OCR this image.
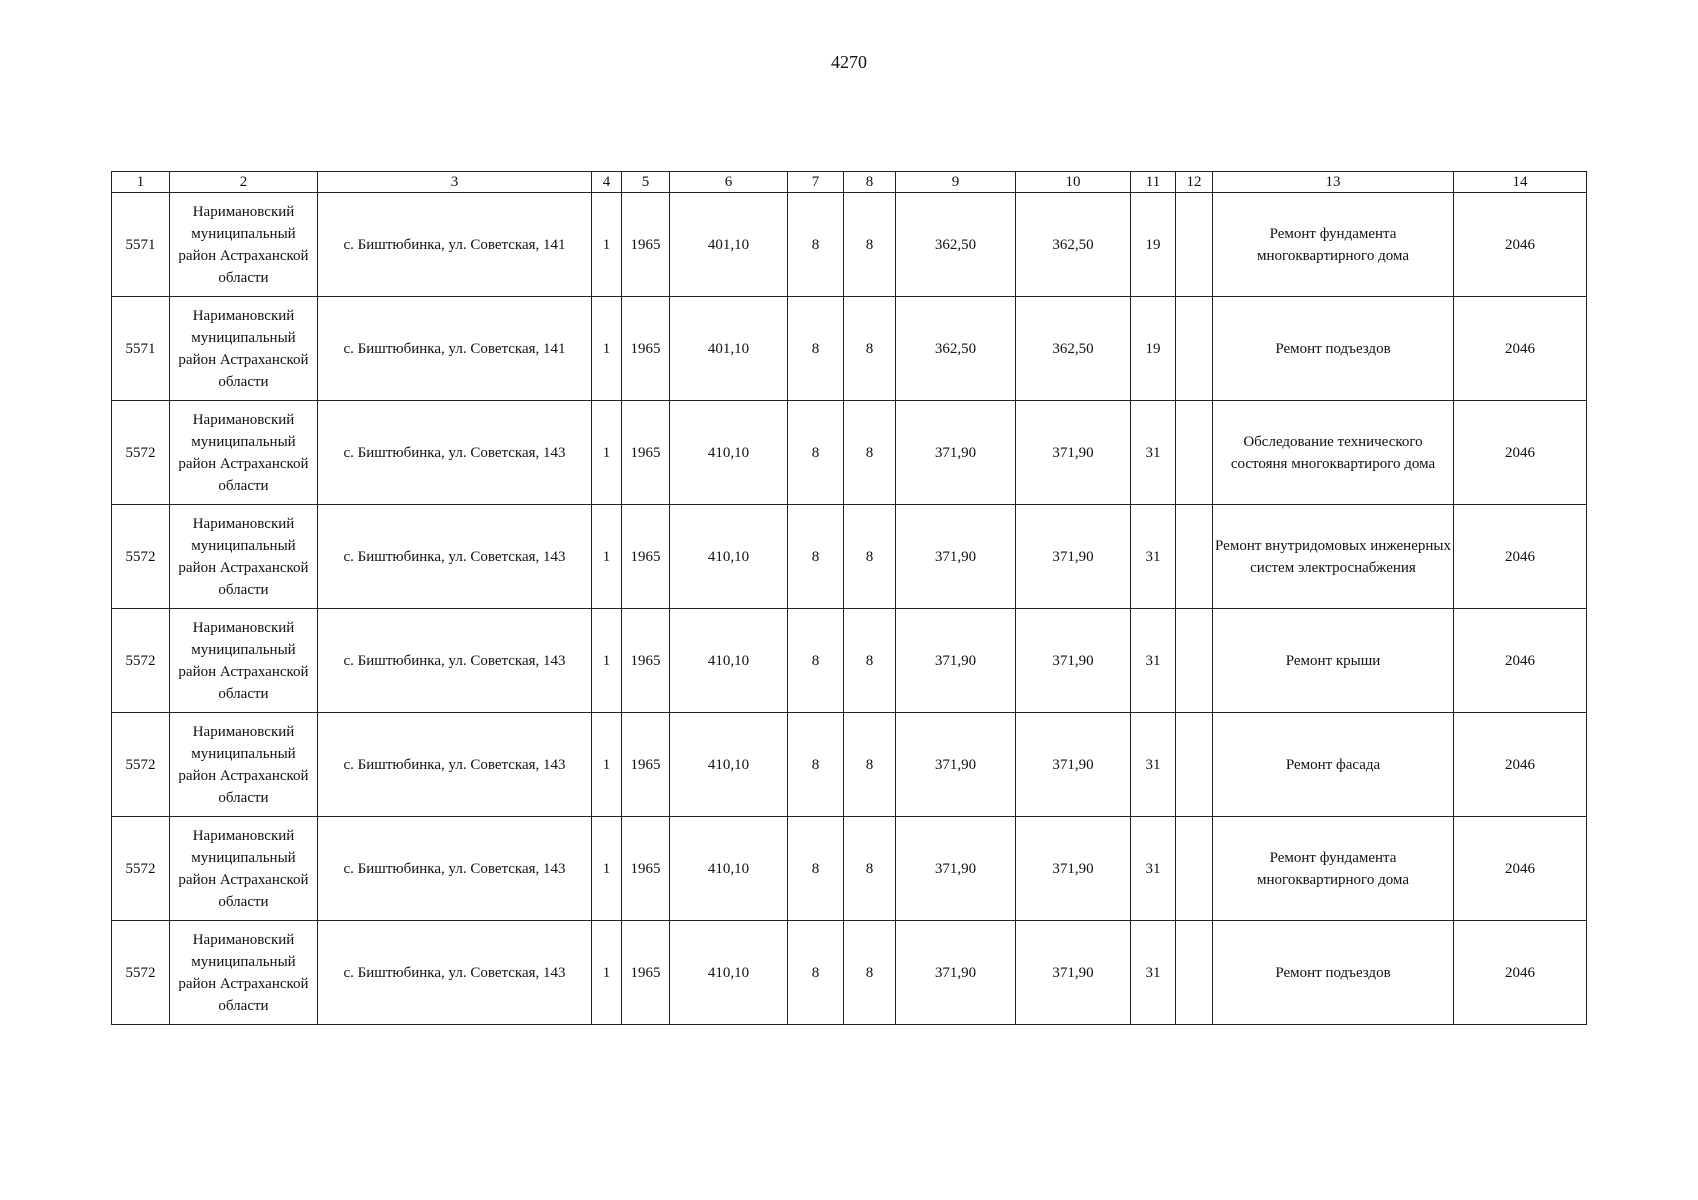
4270
1	2	3	4	5	6	7	8	9	10	11	12	13	14
5571	Наримановский муниципальный район Астраханской области	с. Биштюбинка, ул. Советская, 141	1	1965	401,10	8	8	362,50	362,50	19		Ремонт фундамента многоквартирного дома	2046
5571	Наримановский муниципальный район Астраханской области	с. Биштюбинка, ул. Советская, 141	1	1965	401,10	8	8	362,50	362,50	19		Ремонт подъездов	2046
5572	Наримановский муниципальный район Астраханской области	с. Биштюбинка, ул. Советская, 143	1	1965	410,10	8	8	371,90	371,90	31		Обследование технического состояня многоквартирого дома	2046
5572	Наримановский муниципальный район Астраханской области	с. Биштюбинка, ул. Советская, 143	1	1965	410,10	8	8	371,90	371,90	31		Ремонт внутридомовых инженерных систем электроснабжения	2046
5572	Наримановский муниципальный район Астраханской области	с. Биштюбинка, ул. Советская, 143	1	1965	410,10	8	8	371,90	371,90	31		Ремонт крыши	2046
5572	Наримановский муниципальный район Астраханской области	с. Биштюбинка, ул. Советская, 143	1	1965	410,10	8	8	371,90	371,90	31		Ремонт фасада	2046
5572	Наримановский муниципальный район Астраханской области	с. Биштюбинка, ул. Советская, 143	1	1965	410,10	8	8	371,90	371,90	31		Ремонт фундамента многоквартирного дома	2046
5572	Наримановский муниципальный район Астраханской области	с. Биштюбинка, ул. Советская, 143	1	1965	410,10	8	8	371,90	371,90	31		Ремонт подъездов	2046
